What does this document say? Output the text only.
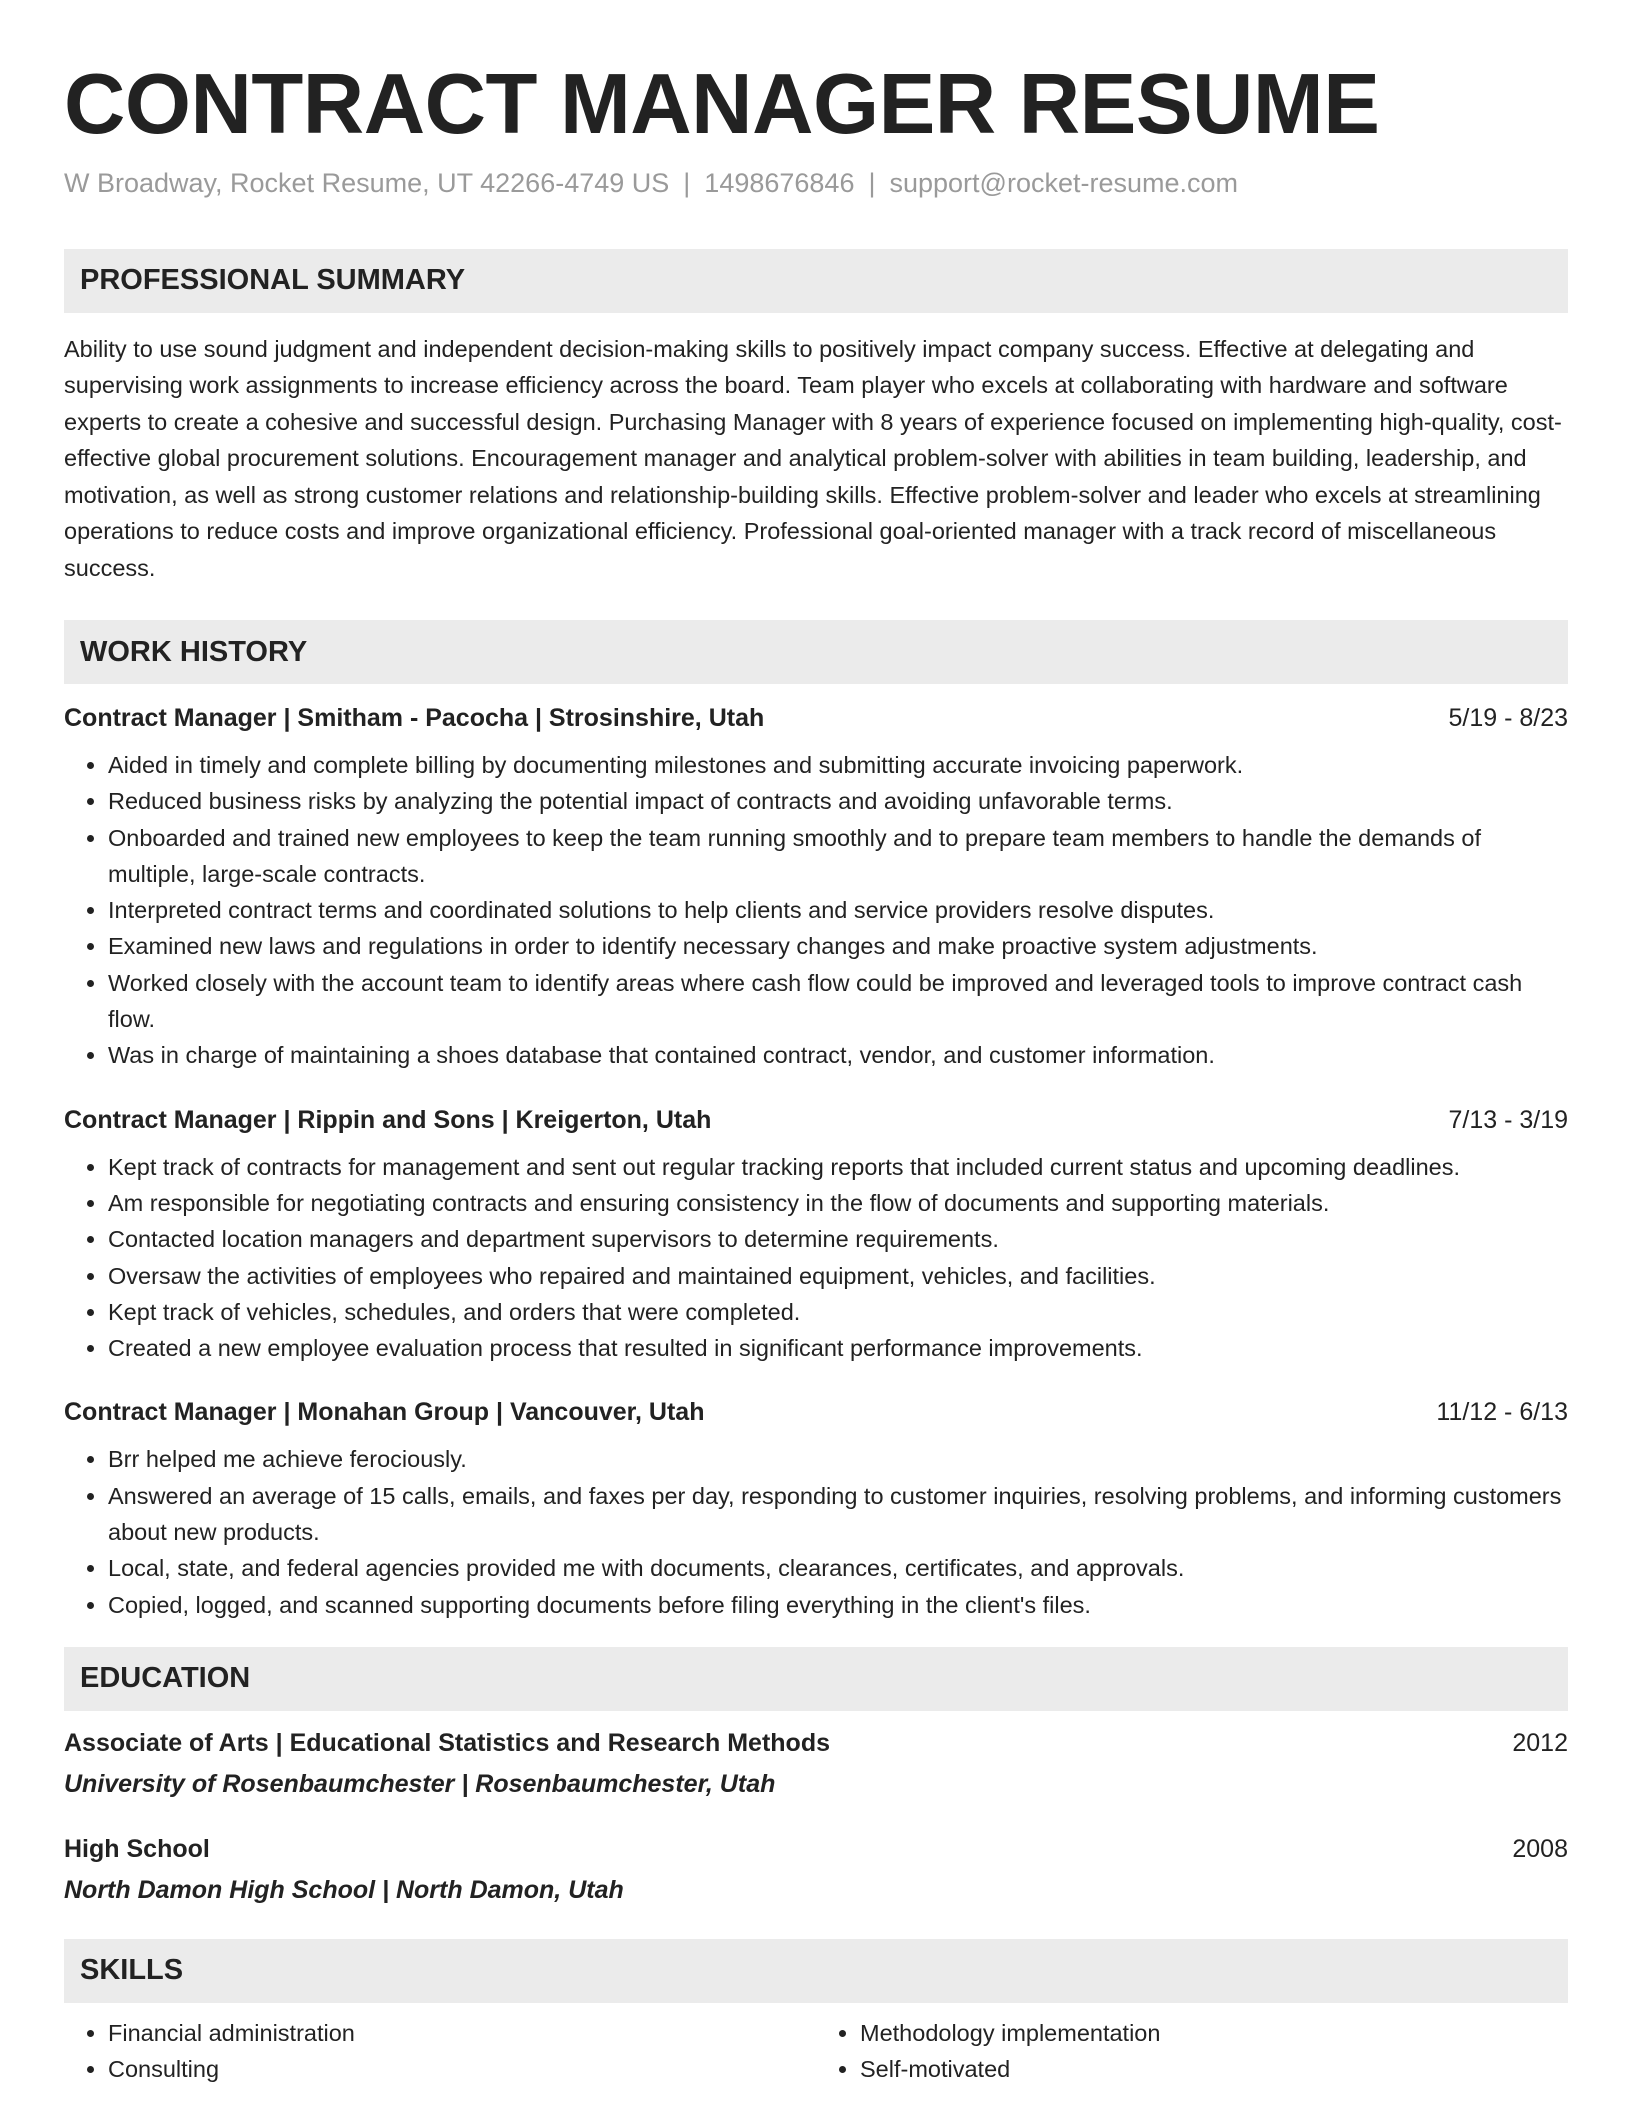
CONTRACT MANAGER RESUME
W Broadway, Rocket Resume, UT 42266-4749 US | 1498676846 | support@rocket-resume.com
PROFESSIONAL SUMMARY

Ability to use sound judgment and independent decision-making skills to positively impact company success. Effective at delegating and supervising work assignments to increase efficiency across the board. Team player who excels at collaborating with hardware and software experts to create a cohesive and successful design. Purchasing Manager with 8 years of experience focused on implementing high-quality, cost-effective global procurement solutions. Encouragement manager and analytical problem-solver with abilities in team building, leadership, and motivation, as well as strong customer relations and relationship-building skills. Effective problem-solver and leader who excels at streamlining operations to reduce costs and improve organizational efficiency. Professional goal-oriented manager with a track record of miscellaneous success.

WORK HISTORY
Contract Manager | Smitham - Pacocha | Strosinshire, Utah	5/19 - 8/23
• Aided in timely and complete billing by documenting milestones and submitting accurate invoicing paperwork.
• Reduced business risks by analyzing the potential impact of contracts and avoiding unfavorable terms.
• Onboarded and trained new employees to keep the team running smoothly and to prepare team members to handle the demands of multiple, large-scale contracts.
• Interpreted contract terms and coordinated solutions to help clients and service providers resolve disputes.
• Examined new laws and regulations in order to identify necessary changes and make proactive system adjustments.
• Worked closely with the account team to identify areas where cash flow could be improved and leveraged tools to improve contract cash flow.
• Was in charge of maintaining a shoes database that contained contract, vendor, and customer information.
Contract Manager | Rippin and Sons | Kreigerton, Utah	7/13 - 3/19
• Kept track of contracts for management and sent out regular tracking reports that included current status and upcoming deadlines.
• Am responsible for negotiating contracts and ensuring consistency in the flow of documents and supporting materials.
• Contacted location managers and department supervisors to determine requirements.
• Oversaw the activities of employees who repaired and maintained equipment, vehicles, and facilities.
• Kept track of vehicles, schedules, and orders that were completed.
• Created a new employee evaluation process that resulted in significant performance improvements.
Contract Manager | Monahan Group | Vancouver, Utah	11/12 - 6/13
• Brr helped me achieve ferociously.
• Answered an average of 15 calls, emails, and faxes per day, responding to customer inquiries, resolving problems, and informing customers about new products.
• Local, state, and federal agencies provided me with documents, clearances, certificates, and approvals.
• Copied, logged, and scanned supporting documents before filing everything in the client's files.
EDUCATION
Associate of Arts | Educational Statistics and Research Methods	2012
University of Rosenbaumchester | Rosenbaumchester, Utah
High School	2008
North Damon High School | North Damon, Utah
SKILLS
• Financial administration
• Consulting
• Methodology implementation
• Self-motivated
